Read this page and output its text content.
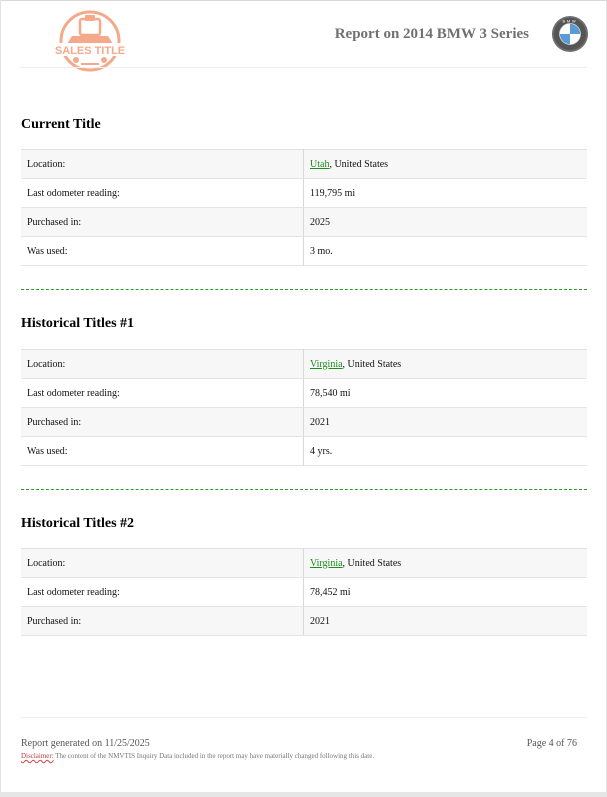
SALES TITLE
Report on 2014 BMW 3 Series
BMW
Current Title
Location:	Utah, United States
Last odometer reading:	119,795 mi
Purchased in:	2025
Was used:	3 mo.
Historical Titles #1
Location:	Virginia, United States
Last odometer reading:	78,540 mi
Purchased in:	2021
Was used:	4 yrs.
Historical Titles #2
Location:	Virginia, United States
Last odometer reading:	78,452 mi
Purchased in:	2021
Report generated on 11/25/2025	Page 4 of 76
Disclaimer: The content of the NMVTIS Inquiry Data included in the report may have materially changed following this date.
